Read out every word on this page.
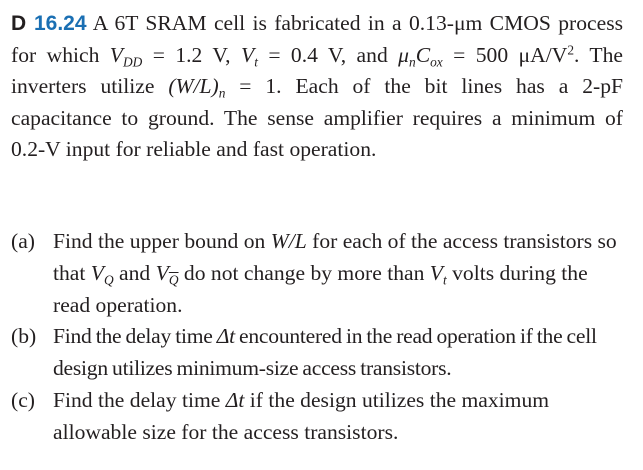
D 16.24 A 6T SRAM cell is fabricated in a 0.13-μm CMOS process for which $V_{DD} = 1.2$ V, $V_t = 0.4$ V, and $\mu_nC_{ox} = 500$ $\mu A/V^2$. The inverters utilize $(W/L)_n = 1$. Each of the bit lines has a 2-pF capacitance to ground. The sense amplifier requires a minimum of 0.2-V input for reliable and fast operation.
(a) Find the upper bound on W/L for each of the access transistors so that $V_Q$ and $V_{\overline{Q}}$ do not change by more than $V_t$ volts during the read operation.
(b) Find the delay time Δt encountered in the read operation if the cell design utilizes minimum-size access transistors.
(c) Find the delay time Δt if the design utilizes the maximum allowable size for the access transistors.
